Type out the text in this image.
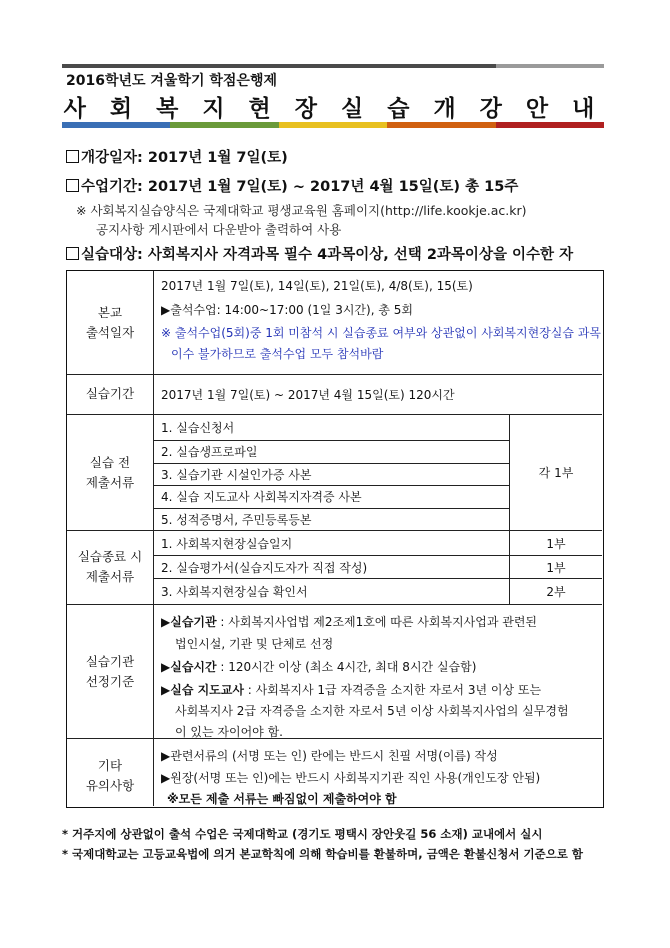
2016학년도 겨울학기 학점은행제
사 회 복 지 현 장 실 습 개 강 안 내
개강일자: 2017년 1월 7일(토)
수업기간: 2017년 1월 7일(토) ~ 2017년 4월 15일(토) 총 15주
※ 사회복지실습양식은 국제대학교 평생교육원 홈페이지(http://life.kookje.ac.kr)
공지사항 게시판에서 다운받아 출력하여 사용
실습대상: 사회복지사 자격과목 필수 4과목이상, 선택 2과목이상을 이수한 자
본교
출석일자
2017년 1월 7일(토), 14일(토), 21일(토), 4/8(토), 15(토)
▶출석수업: 14:00~17:00 (1일 3시간), 총 5회
※ 출석수업(5회)중 1회 미참석 시 실습종료 여부와 상관없이 사회복지현장실습 과목
이수 불가하므로 출석수업 모두 참석바람
실습기간	2017년 1월 7일(토) ~ 2017년 4월 15일(토) 120시간
실습 전
제출서류
1. 실습신청서
2. 실습생프로파일
3. 실습기관 시설인가증 사본
4. 실습 지도교사 사회복지자격증 사본
5. 성적증명서, 주민등록등본
각 1부
실습종료 시
제출서류
1. 사회복지현장실습일지
2. 실습평가서(실습지도자가 직접 작성)
3. 사회복지현장실습 확인서
1부
1부
2부
실습기관
선정기준
▶실습기관 : 사회복지사업법 제2조제1호에 따른 사회복지사업과 관련된
법인시설, 기관 및 단체로 선정
▶실습시간 : 120시간 이상 (최소 4시간, 최대 8시간 실습함)
▶실습 지도교사 : 사회복지사 1급 자격증을 소지한 자로서 3년 이상 또는
사회복지사 2급 자격증을 소지한 자로서 5년 이상 사회복지사업의 실무경험
이 있는 자이어야 함.
기타
유의사항
▶관련서류의 (서명 또는 인) 란에는 반드시 친필 서명(이름) 작성
▶원장(서명 또는 인)에는 반드시 사회복지기관 직인 사용(개인도장 안됨)
※모든 제출 서류는 빠짐없이 제출하여야 함
* 거주지에 상관없이 출석 수업은 국제대학교 (경기도 평택시 장안웃길 56 소재) 교내에서 실시
* 국제대학교는 고등교육법에 의거 본교학칙에 의해 학습비를 환불하며, 금액은 환불신청서 기준으로 함
